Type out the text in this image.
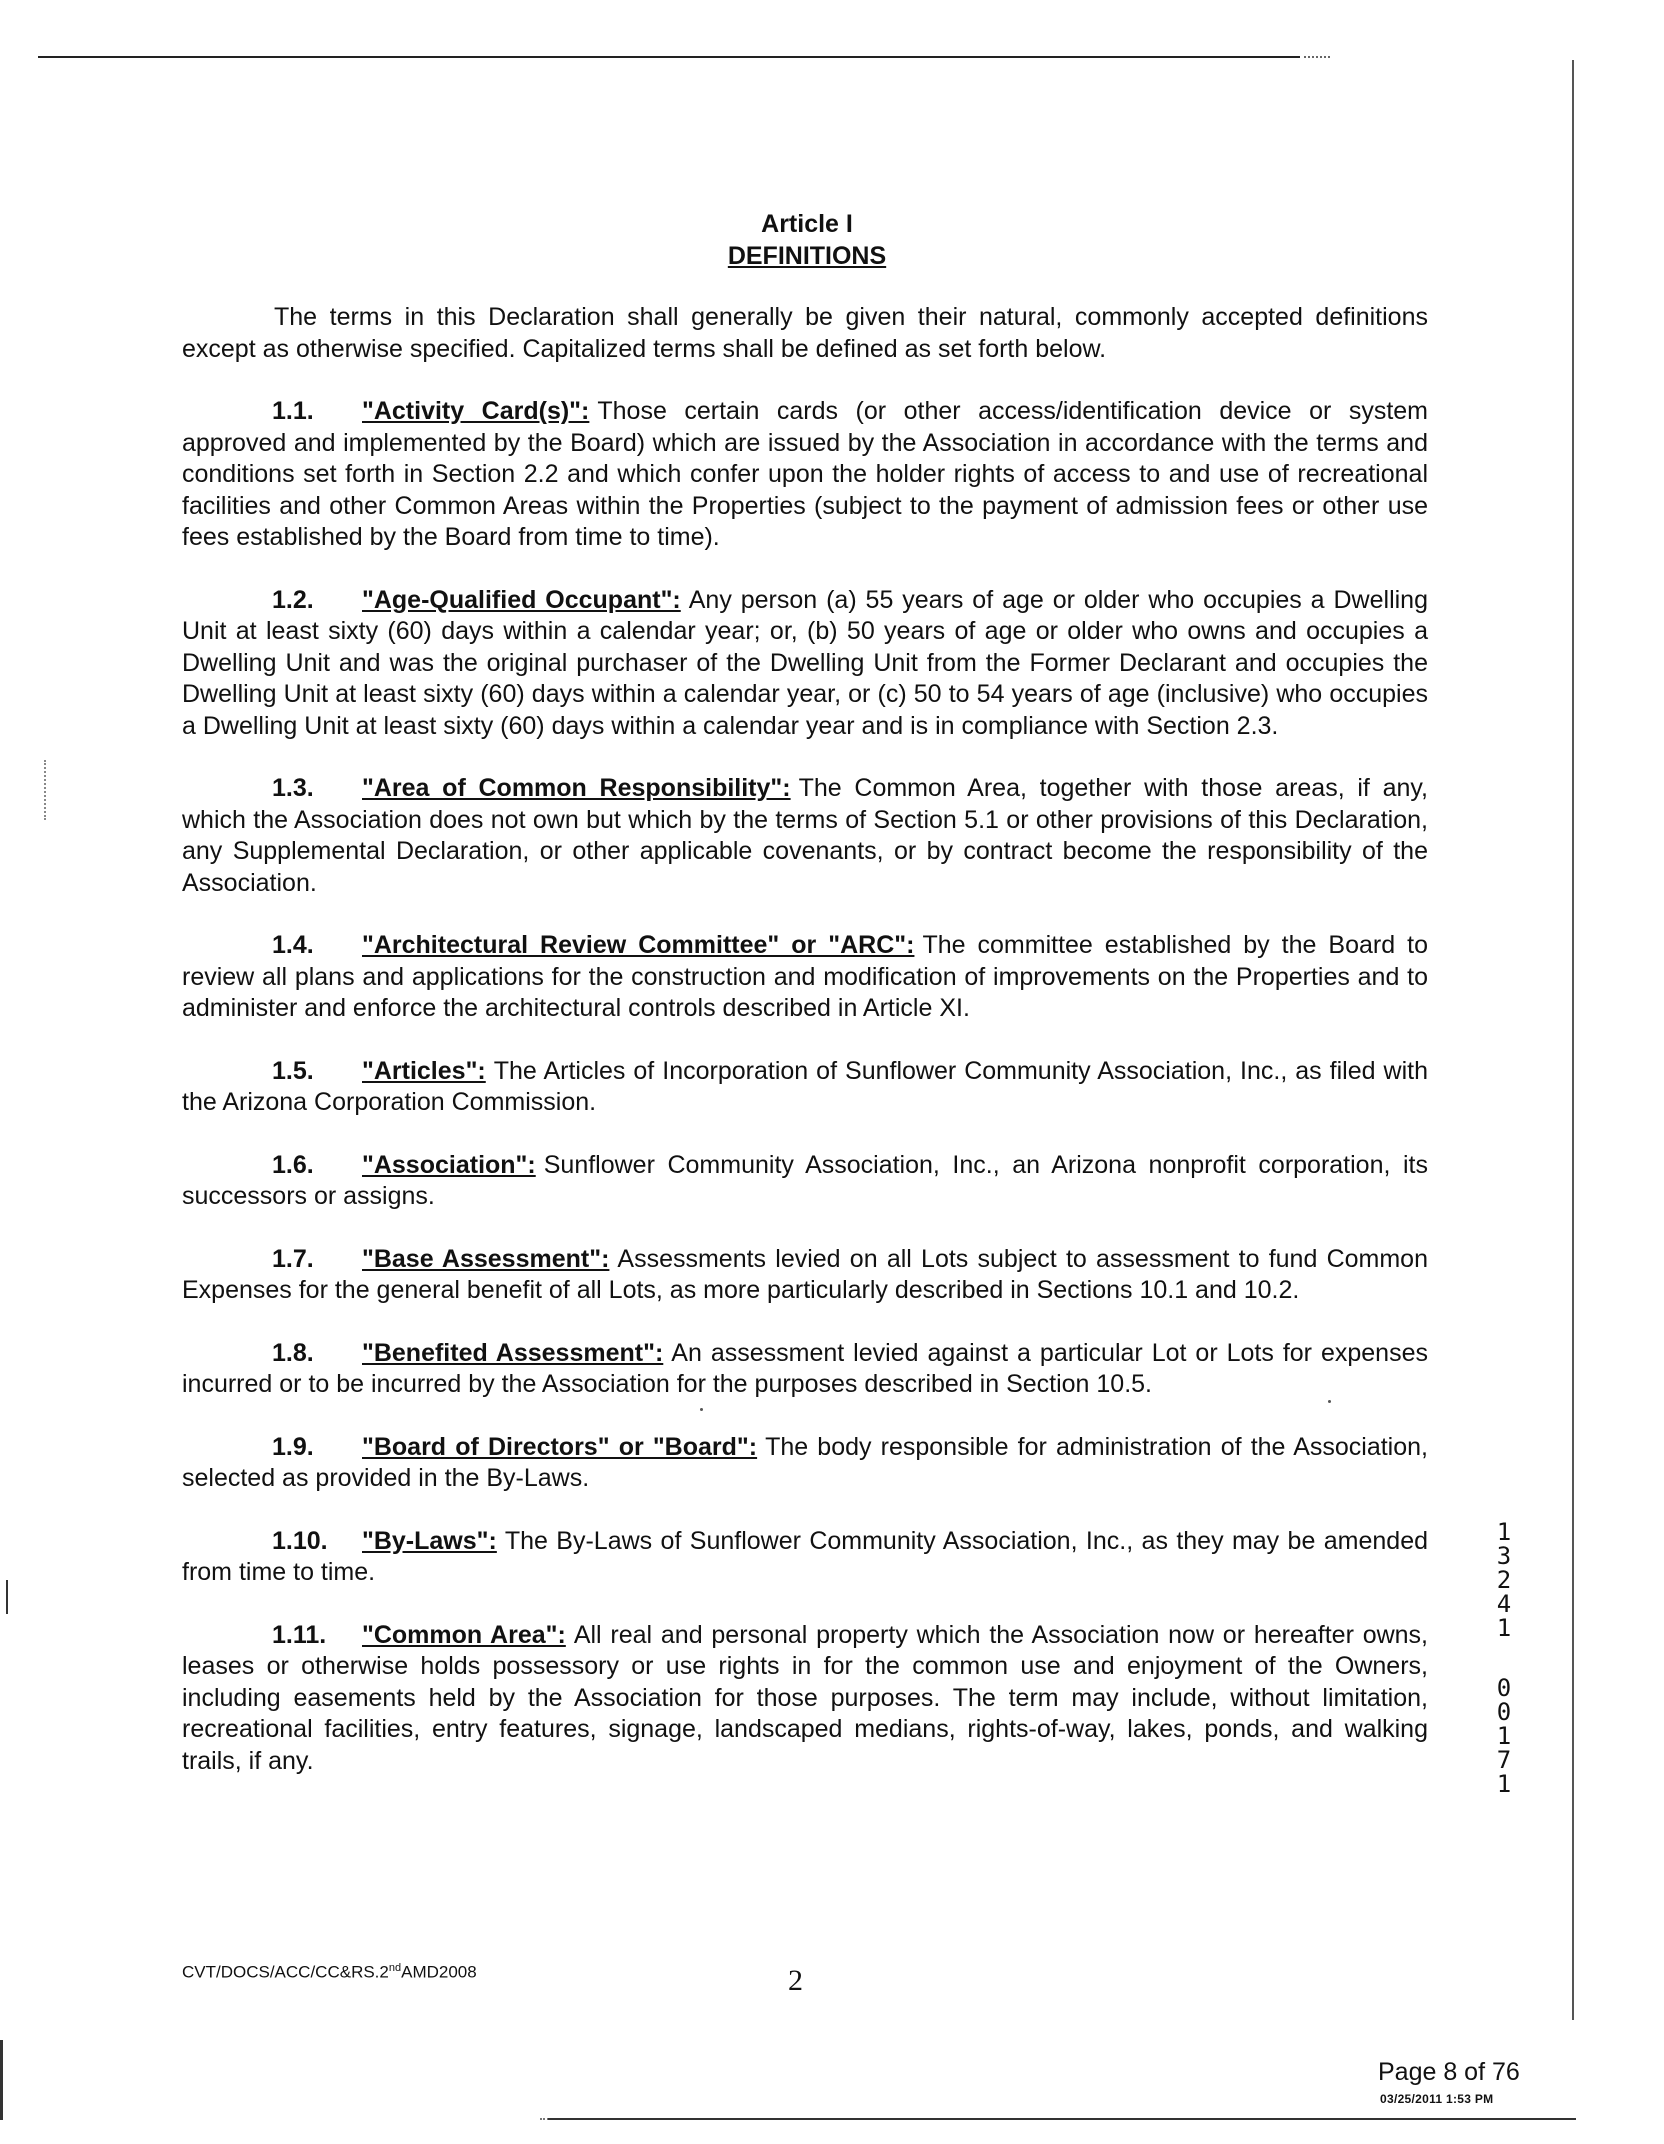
Article I
DEFINITIONS

The terms in this Declaration shall generally be given their natural, commonly accepted definitions except as otherwise specified. Capitalized terms shall be defined as set forth below.

1.1. "Activity Card(s)": Those certain cards (or other access/identification device or system approved and implemented by the Board) which are issued by the Association in accordance with the terms and conditions set forth in Section 2.2 and which confer upon the holder rights of access to and use of recreational facilities and other Common Areas within the Properties (subject to the payment of admission fees or other use fees established by the Board from time to time).

1.2. "Age-Qualified Occupant": Any person (a) 55 years of age or older who occupies a Dwelling Unit at least sixty (60) days within a calendar year; or, (b) 50 years of age or older who owns and occupies a Dwelling Unit and was the original purchaser of the Dwelling Unit from the Former Declarant and occupies the Dwelling Unit at least sixty (60) days within a calendar year, or (c) 50 to 54 years of age (inclusive) who occupies a Dwelling Unit at least sixty (60) days within a calendar year and is in compliance with Section 2.3.

1.3. "Area of Common Responsibility": The Common Area, together with those areas, if any, which the Association does not own but which by the terms of Section 5.1 or other provisions of this Declaration, any Supplemental Declaration, or other applicable covenants, or by contract become the responsibility of the Association.

1.4. "Architectural Review Committee" or "ARC": The committee established by the Board to review all plans and applications for the construction and modification of improvements on the Properties and to administer and enforce the architectural controls described in Article XI.

1.5. "Articles": The Articles of Incorporation of Sunflower Community Association, Inc., as filed with the Arizona Corporation Commission.

1.6. "Association": Sunflower Community Association, Inc., an Arizona nonprofit corporation, its successors or assigns.

1.7. "Base Assessment": Assessments levied on all Lots subject to assessment to fund Common Expenses for the general benefit of all Lots, as more particularly described in Sections 10.1 and 10.2.

1.8. "Benefited Assessment": An assessment levied against a particular Lot or Lots for expenses incurred or to be incurred by the Association for the purposes described in Section 10.5.

1.9. "Board of Directors" or "Board": The body responsible for administration of the Association, selected as provided in the By-Laws.

1.10. "By-Laws": The By-Laws of Sunflower Community Association, Inc., as they may be amended from time to time.

1.11. "Common Area": All real and personal property which the Association now or hereafter owns, leases or otherwise holds possessory or use rights in for the common use and enjoyment of the Owners, including easements held by the Association for those purposes. The term may include, without limitation, recreational facilities, entry features, signage, landscaped medians, rights-of-way, lakes, ponds, and walking trails, if any.

CVT/DOCS/ACC/CC&RS.2ndAMD2008	2
Page 8 of 76
03/25/2011 1:53 PM
1
3
2
4
1
0
0
1
7
1
